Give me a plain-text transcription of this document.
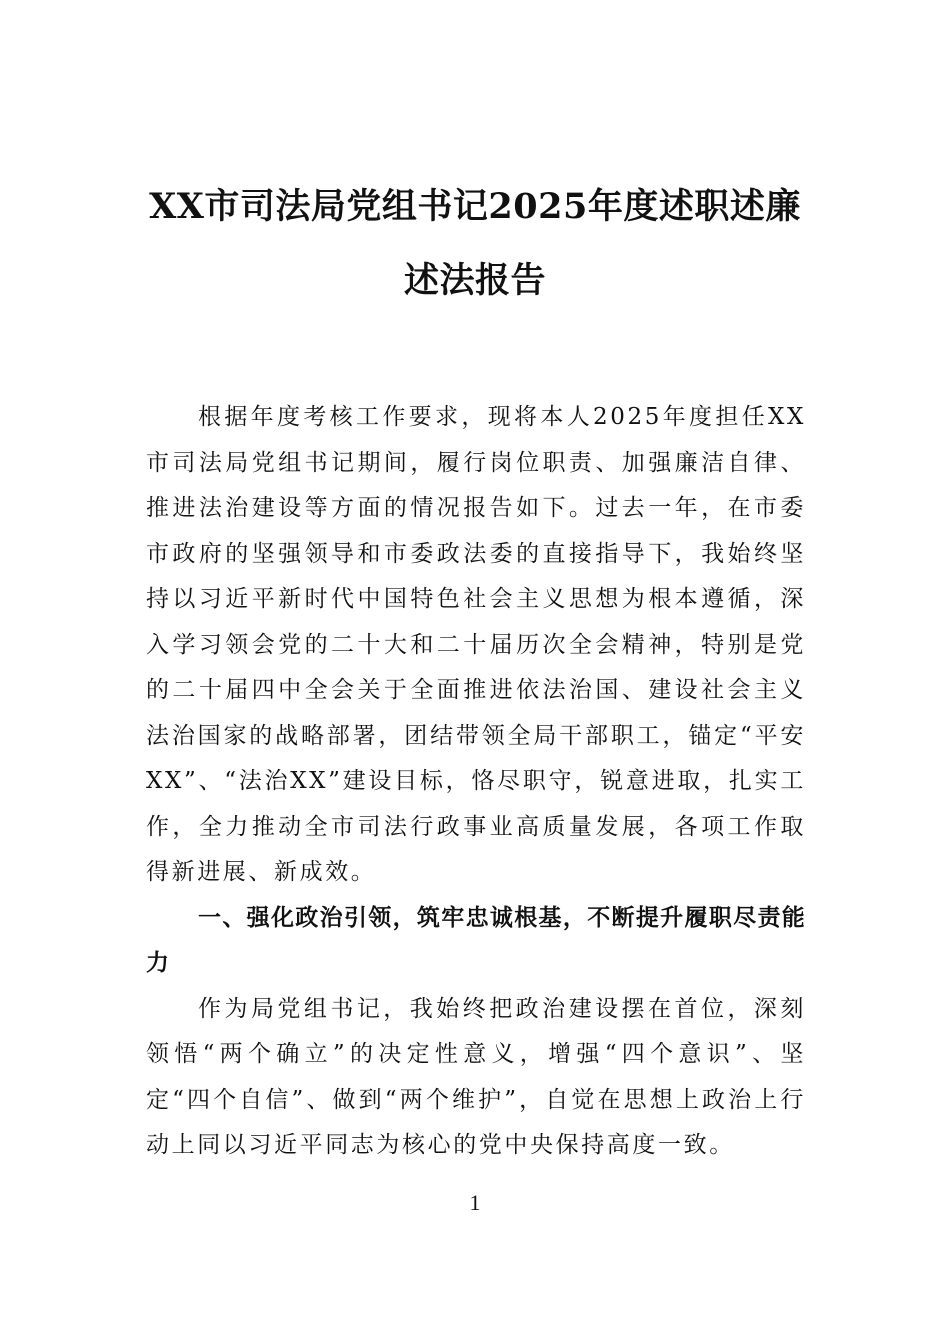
XX市司法局党组书记2025年度述职述廉
述法报告

根据年度考核工作要求，现将本人2025年度担任XX市司法局党组书记期间，履行岗位职责、加强廉洁自律、推进法治建设等方面的情况报告如下。过去一年，在市委市政府的坚强领导和市委政法委的直接指导下，我始终坚持以习近平新时代中国特色社会主义思想为根本遵循，深入学习领会党的二十大和二十届历次全会精神，特别是党的二十届四中全会关于全面推进依法治国、建设社会主义法治国家的战略部署，团结带领全局干部职工，锚定“平安XX”、“法治XX”建设目标，恪尽职守，锐意进取，扎实工作，全力推动全市司法行政事业高质量发展，各项工作取得新进展、新成效。

一、强化政治引领，筑牢忠诚根基，不断提升履职尽责能力

作为局党组书记，我始终把政治建设摆在首位，深刻领悟“两个确立”的决定性意义，增强“四个意识”、坚定“四个自信”、做到“两个维护”，自觉在思想上政治上行动上同以习近平同志为核心的党中央保持高度一致。

1
